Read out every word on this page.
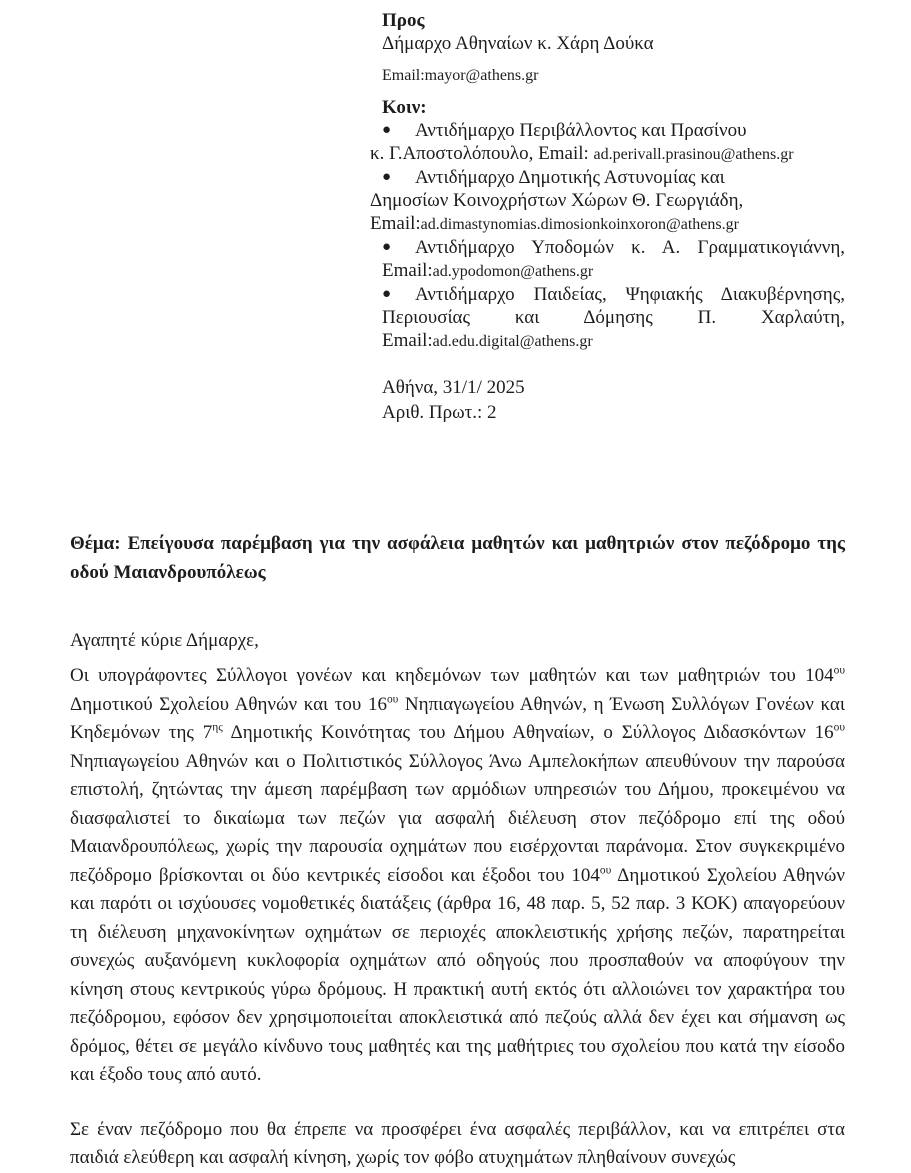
Προς
Δήμαρχο Αθηναίων κ. Χάρη Δούκα
Email:mayor@athens.gr
Κοιν:
●	Αντιδήμαρχο Περιβάλλοντος και Πρασίνου
κ. Γ.Αποστολόπουλο, Email: ad.perivall.prasinou@athens.gr
●	Αντιδήμαρχο Δημοτικής Αστυνομίας και
Δημοσίων Κοινοχρήστων Χώρων Θ. Γεωργιάδη,
Email:ad.dimastynomias.dimosionkoinxoron@athens.gr
●	Αντιδήμαρχο Υποδομών κ. Α. Γραμματικογιάννη,
Email:ad.ypodomon@athens.gr
●	Αντιδήμαρχο Παιδείας, Ψηφιακής Διακυβέρνησης,
Περιουσίας και Δόμησης Π. Χαρλαύτη,
Email:ad.edu.digital@athens.gr
Αθήνα, 31/1/ 2025
Αριθ. Πρωτ.: 2
Θέμα: Επείγουσα παρέμβαση για την ασφάλεια μαθητών και μαθητριών στον πεζόδρομο της οδού Μαιανδρουπόλεως
Αγαπητέ κύριε Δήμαρχε,

Οι υπογράφοντες Σύλλογοι γονέων και κηδεμόνων των μαθητών και των μαθητριών του $104^{o\upsilon}$ Δημοτικού Σχολείου Αθηνών και του $16^{o\upsilon}$ Νηπιαγωγείου Αθηνών, η Ένωση Συλλόγων Γονέων και Κηδεμόνων της $7^{\eta\varsigma}$ Δημοτικής Κοινότητας του Δήμου Αθηναίων, ο Σύλλογος Διδασκόντων $16^{o\upsilon}$ Νηπιαγωγείου Αθηνών και ο Πολιτιστικός Σύλλογος Άνω Αμπελοκήπων απευθύνουν την παρούσα επιστολή, ζητώντας την άμεση παρέμβαση των αρμόδιων υπηρεσιών του Δήμου, προκειμένου να διασφαλιστεί το δικαίωμα των πεζών για ασφαλή διέλευση στον πεζόδρομο επί της οδού Μαιανδρουπόλεως, χωρίς την παρουσία οχημάτων που εισέρχονται παράνομα. Στον συγκεκριμένο πεζόδρομο βρίσκονται οι δύο κεντρικές είσοδοι και έξοδοι του $104^{o\upsilon}$ Δημοτικού Σχολείου Αθηνών και παρότι οι ισχύουσες νομοθετικές διατάξεις (άρθρα 16, 48 παρ. 5, 52 παρ. 3 ΚΟΚ) απαγορεύουν τη διέλευση μηχανοκίνητων οχημάτων σε περιοχές αποκλειστικής χρήσης πεζών, παρατηρείται συνεχώς αυξανόμενη κυκλοφορία οχημάτων από οδηγούς που προσπαθούν να αποφύγουν την κίνηση στους κεντρικούς γύρω δρόμους. Η πρακτική αυτή εκτός ότι αλλοιώνει τον χαρακτήρα του πεζόδρομου, εφόσον δεν χρησιμοποιείται αποκλειστικά από πεζούς αλλά δεν έχει και σήμανση ως δρόμος, θέτει σε μεγάλο κίνδυνο τους μαθητές και της μαθήτριες του σχολείου που κατά την είσοδο και έξοδο τους από αυτό.

Σε έναν πεζόδρομο που θα έπρεπε να προσφέρει ένα ασφαλές περιβάλλον, και να επιτρέπει στα παιδιά ελεύθερη και ασφαλή κίνηση, χωρίς τον φόβο ατυχημάτων πληθαίνουν συνεχώς
